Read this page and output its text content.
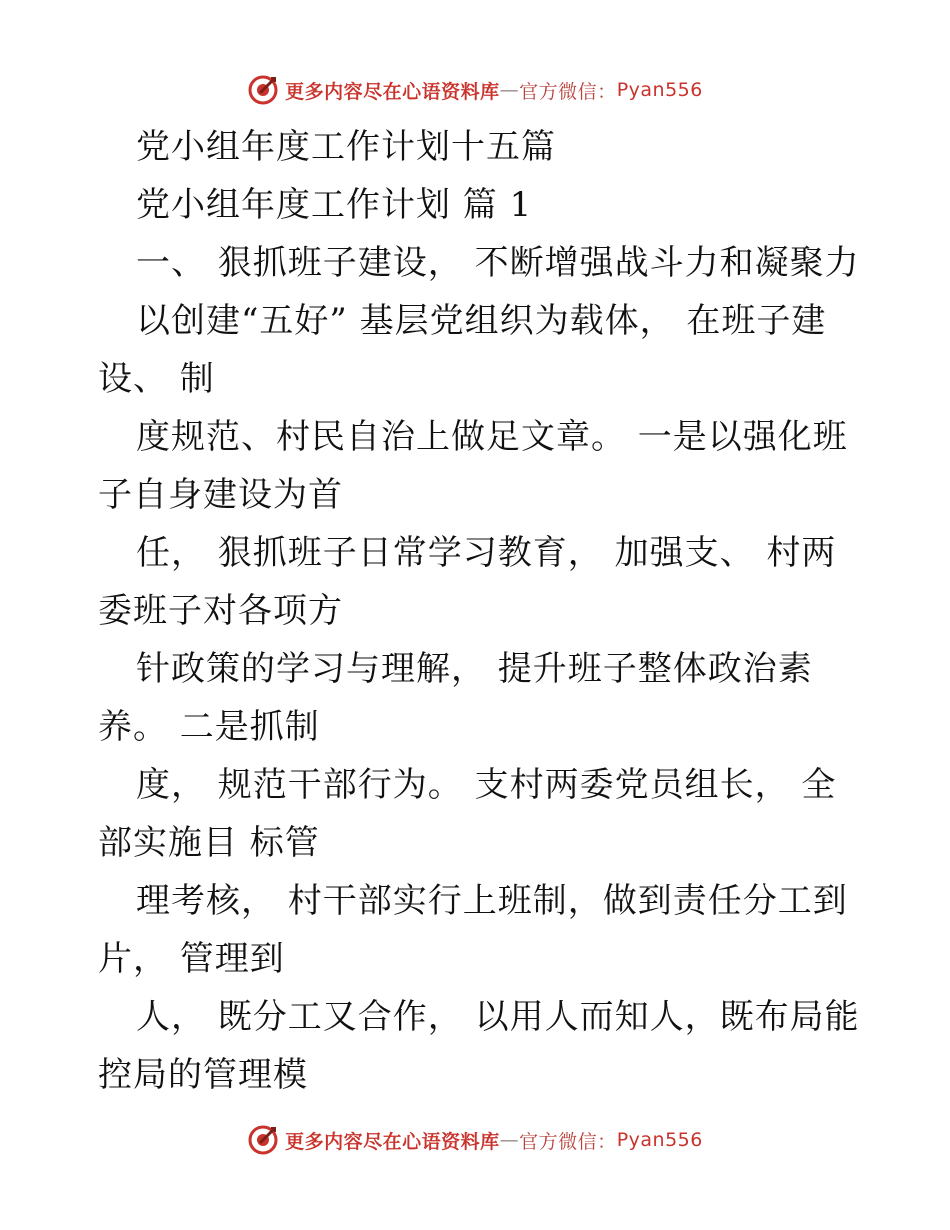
更多内容尽在心语资料库 — 官方微信： Pyan556
党小组年度工作计划十五篇
党小组年度工作计划 篇 1
一、 狠抓班子建设， 不断增强战斗力和凝聚力
以创建“五好” 基层党组织为载体， 在班子建
设、 制
度规范、村民自治上做足文章。 一是以强化班
子自身建设为首
任， 狠抓班子日常学习教育， 加强支、 村两
委班子对各项方
针政策的学习与理解， 提升班子整体政治素
养。 二是抓制
度， 规范干部行为。 支村两委党员组长， 全
部实施目 标管
理考核， 村干部实行上班制，做到责任分工到
片， 管理到
人， 既分工又合作， 以用人而知人，既布局能
控局的管理模
更多内容尽在心语资料库 — 官方微信： Pyan556
